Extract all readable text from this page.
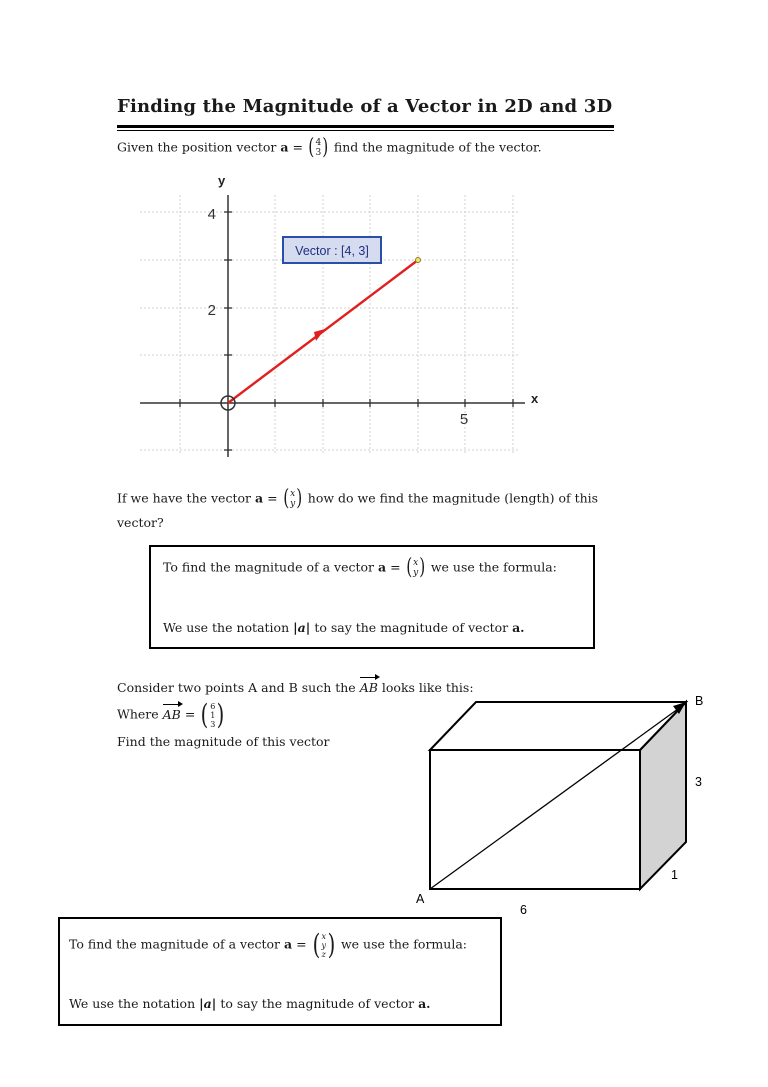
Finding the Magnitude of a Vector in 2D and 3D
Given the position vector a = (4
3) find the magnitude of the vector.
5
2
4
y
x
Vector : [4, 3]
If we have the vector a = (x
y) how do we find the magnitude (length) of this
vector?
To find the magnitude of a vector a = (x
y) we use the formula:
We use the notation |a| to say the magnitude of vector a.
Consider two points A and B such the AB looks like this:
Where AB = ( 6
1
3)
Find the magnitude of this vector
A
B
3
1
6
To find the magnitude of a vector a = ( x
y
z) we use the formula:
We use the notation |a| to say the magnitude of vector a.
